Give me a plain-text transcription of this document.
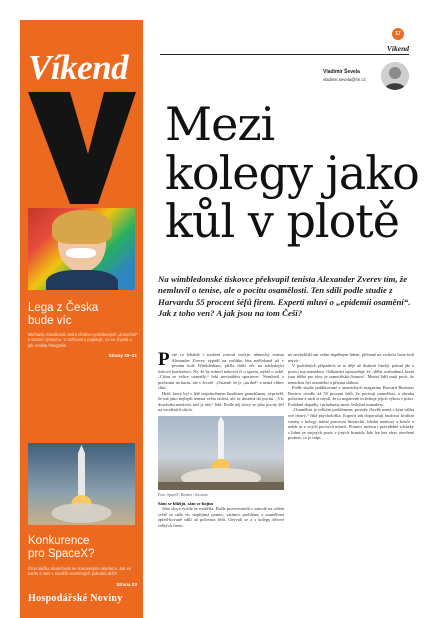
Víkend
Lega z Česka
bude víc
Michaela Slováková otvíra chráno vyzdobených „domeček“ s vlastní výstavou. V rozhovoru popisuje, co se chystá a jak vznikla fotografie.
Strany 20–21
Konkurence
pro SpaceX?
Čína takřka skutečnost se soucasnými raketami. Jak se zatím s nimi v soutěži vesmírných pokroků drží?
Strana 23
Hospodářské Noviny
17
Víkend
Vladimír Ševela
vladimir.sevela@hn.cz
Mezi
kolegy jako
kůl v plotě
Na wimbledonské tiskovce překvapil tenista Alexander Zverev tím, že nemluvil o tenise, ale o pocitu osamělosti. Ten sdílí podle studie z Harvardu 55 procent šéfů firem. Experti mluví o „epidemii osamění“. Jak z toho ven? A jak jsou na tom Češi?

P oté co lehablé i soužení rotoval trofeje, německý tenista Alexander Zverev vypadl na začátku léta neěčekaně už v prvním kole Wimbledonu, přišla další věc na následující tiskové konferenci. Ne, že by mluvil neboval či o sportu, nýbrž o sobě. „Cítím se velice osamělý,“ řekl novinářům sportovec. Nemluvil o pochoutu na kurtu, ale v životě. „Ostatně, že je „na dně“ a nemá vůbec chuť.

Hráč, který byl v létě trojnásobným finalistou grandslamu, vyprávěl, že má jako nejlepší tenista světa radost, ale se dostává do pocitu. „Víc dostávám nenávist, než je rád,“ řekl. Podle něj slovy se jeho pocity šíří na sociálních sítích.

Foto: SpaceX, Reuters / ilustrace
Sám se bližiju, sám se hojím

Jeho slova rychle se rozšířila. Podle pozorovatelů v samotě na celém světě se stále víc nepřijímá pomoc, zatímco problémy s osamělostí zpřed-kovaně sdílí až polovina šéfů. Ozývali se a s kolegy šéfové velkých firem.

ne nevhyhlíží ani velmi úspěšným lidem, přičemž na vrcholu často bolí nejvíc.

V podobných případech se to děje až dvakrát častěji, pokud jde o pozici top manažera. Odborníci upozorňují, že „dělat rozhodnutí, která jsou těžká pro tým, je samotářská činnost“. Mnozí lídři mají pocit, že nemohou být zranitelní a přiznat slabost.

Podle studie publikované v amerických magazínu Harvard Business Review uvedlo až 55 procent šéfů, že pocitují osamělost, a zhruba polovina z nich si myslí, že to negativně ovlivňuje jejich výkon v práci. Podobně dopadly i průzkumy mezi českými manažery.

„Osamělost je velkým problémem, protože člověk nemá s kým sdílet své obavy,“ říká psycholožka. Experti tak doporučují budovat kvalitní vztahy s kolegy mimo pracovní hierarchii, hledat mentory a kouče a nebát se o svých pocitech mluvit. Pomoci mohou i pravidelné schůzky s lidmi ze stejných pozic v jiných firmách, kde lze bez obav otevřeně probrat, co je trápí.
